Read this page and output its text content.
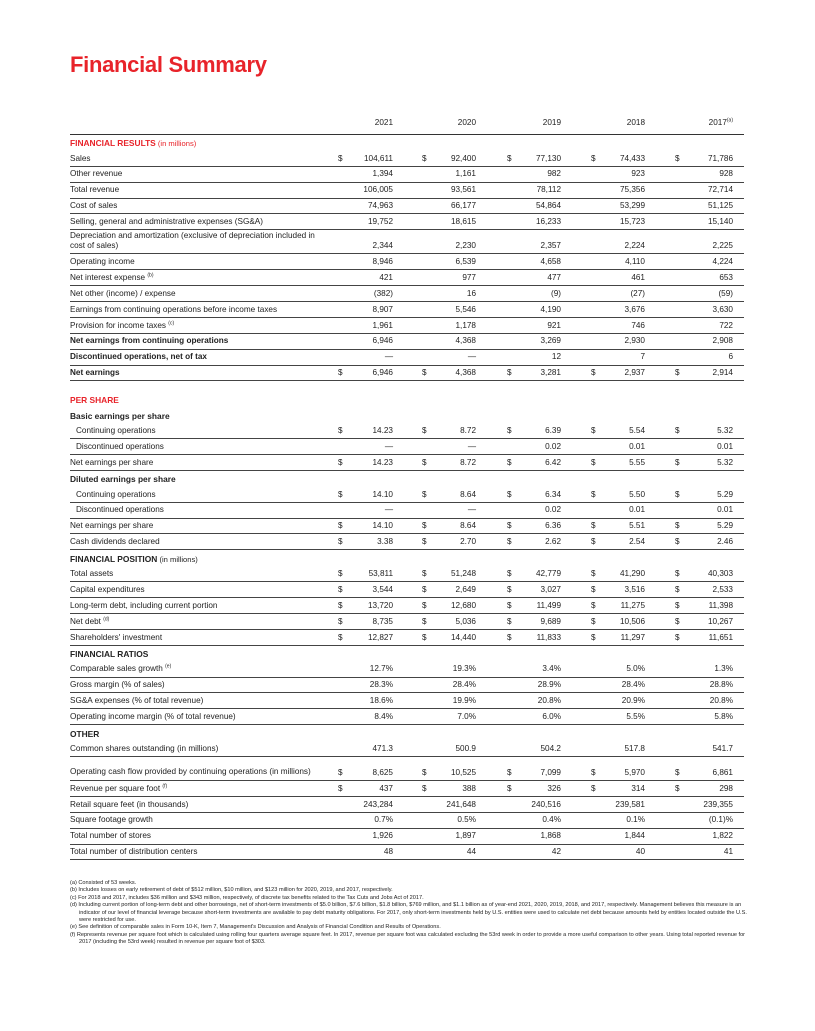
Financial Summary
2021	2020	2019	2018	2017$^{(a)}$
FINANCIAL RESULTS (in millions)
Sales	$	104,611	$	92,400	$	77,130	$	74,433	$	71,786
Other revenue	1,394	1,161	982	923	928
Total revenue	106,005	93,561	78,112	75,356	72,714
Cost of sales	74,963	66,177	54,864	53,299	51,125
Selling, general and administrative expenses (SG&A)	19,752	18,615	16,233	15,723	15,140
Depreciation and amortization (exclusive of depreciation included in cost of sales)	2,344	2,230	2,357	2,224	2,225
Operating income	8,946	6,539	4,658	4,110	4,224
Net interest expense $^{(b)}$	421	977	477	461	653
Net other (income) / expense	(382)	16	(9)	(27)	(59)
Earnings from continuing operations before income taxes	8,907	5,546	4,190	3,676	3,630
Provision for income taxes $^{(c)}$	1,961	1,178	921	746	722
Net earnings from continuing operations	6,946	4,368	3,269	2,930	2,908
Discontinued operations, net of tax	—	—	12	7	6
Net earnings	$	6,946	$	4,368	$	3,281	$	2,937	$	2,914
PER SHARE
Basic earnings per share
Continuing operations	$	14.23	$	8.72	$	6.39	$	5.54	$	5.32
Discontinued operations	—	—	0.02	0.01	0.01
Net earnings per share	$	14.23	$	8.72	$	6.42	$	5.55	$	5.32
Diluted earnings per share
Continuing operations	$	14.10	$	8.64	$	6.34	$	5.50	$	5.29
Discontinued operations	—	—	0.02	0.01	0.01
Net earnings per share	$	14.10	$	8.64	$	6.36	$	5.51	$	5.29
Cash dividends declared	$	3.38	$	2.70	$	2.62	$	2.54	$	2.46
FINANCIAL POSITION (in millions)
Total assets	$	53,811	$	51,248	$	42,779	$	41,290	$	40,303
Capital expenditures	$	3,544	$	2,649	$	3,027	$	3,516	$	2,533
Long-term debt, including current portion	$	13,720	$	12,680	$	11,499	$	11,275	$	11,398
Net debt $^{(d)}$	$	8,735	$	5,036	$	9,689	$	10,506	$	10,267
Shareholders' investment	$	12,827	$	14,440	$	11,833	$	11,297	$	11,651
FINANCIAL RATIOS
Comparable sales growth $^{(e)}$	12.7%	19.3%	3.4%	5.0%	1.3%
Gross margin (% of sales)	28.3%	28.4%	28.9%	28.4%	28.8%
SG&A expenses (% of total revenue)	18.6%	19.9%	20.8%	20.9%	20.8%
Operating income margin (% of total revenue)	8.4%	7.0%	6.0%	5.5%	5.8%
OTHER
Common shares outstanding (in millions)	471.3	500.9	504.2	517.8	541.7
Operating cash flow provided by continuing operations (in millions)	$	8,625	$	10,525	$	7,099	$	5,970	$	6,861
Revenue per square foot $^{(f)}$	$	437	$	388	$	326	$	314	$	298
Retail square feet (in thousands)	243,284	241,648	240,516	239,581	239,355
Square footage growth	0.7%	0.5%	0.4%	0.1%	(0.1)%
Total number of stores	1,926	1,897	1,868	1,844	1,822
Total number of distribution centers	48	44	42	40	41
(a) Consisted of 53 weeks.
(b) Includes losses on early retirement of debt of $512 million, $10 million, and $123 million for 2020, 2019, and 2017, respectively.
(c) For 2018 and 2017, includes $36 million and $343 million, respectively, of discrete tax benefits related to the Tax Cuts and Jobs Act of 2017.
(d) Including current portion of long-term debt and other borrowings, net of short-term investments of $5.0 billion, $7.6 billion, $1.8 billion, $769 million, and $1.1 billion as of year-end 2021, 2020, 2019, 2018, and 2017, respectively. Management believes this measure is an indicator of our level of financial leverage because short-term investments are available to pay debt maturity obligations. For 2017, only short-term investments held by U.S. entities were used to calculate net debt because amounts held by entities located outside the U.S. were restricted for use.
(e) See definition of comparable sales in Form 10-K, Item 7, Management's Discussion and Analysis of Financial Condition and Results of Operations.
(f) Represents revenue per square foot which is calculated using rolling four quarters average square feet. In 2017, revenue per square foot was calculated excluding the 53rd week in order to provide a more useful comparison to other years. Using total reported revenue for 2017 (including the 53rd week) resulted in revenue per square foot of $303.
